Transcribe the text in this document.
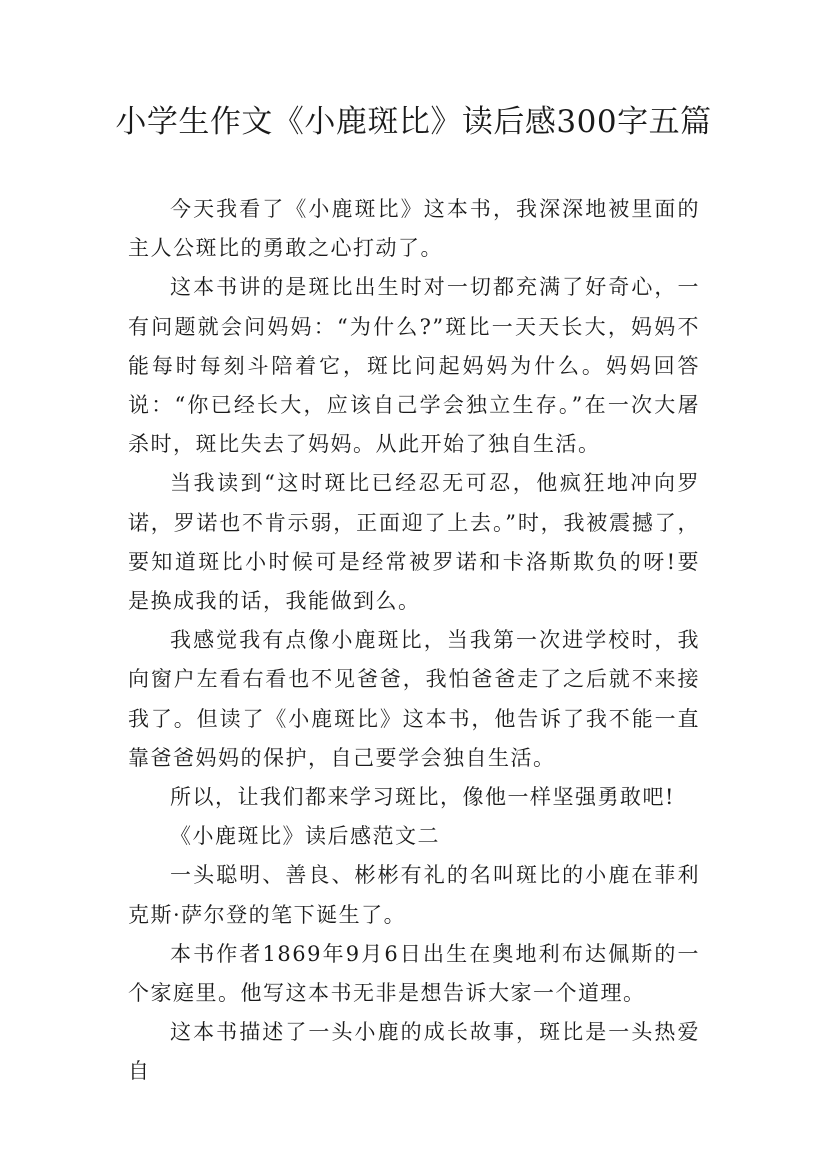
小学生作文《小鹿斑比》读后感300字五篇

今天我看了《小鹿斑比》这本书，我深深地被里面的主人公斑比的勇敢之心打动了。

这本书讲的是斑比出生时对一切都充满了好奇心，一有问题就会问妈妈：“为什么?”斑比一天天长大，妈妈不能每时每刻斗陪着它，斑比问起妈妈为什么。妈妈回答说：“你已经长大，应该自己学会独立生存。”在一次大屠杀时，斑比失去了妈妈。从此开始了独自生活。

当我读到“这时斑比已经忍无可忍，他疯狂地冲向罗诺，罗诺也不肯示弱，正面迎了上去。”时，我被震撼了，要知道斑比小时候可是经常被罗诺和卡洛斯欺负的呀!要是换成我的话，我能做到么。

我感觉我有点像小鹿斑比，当我第一次进学校时，我向窗户左看右看也不见爸爸，我怕爸爸走了之后就不来接我了。但读了《小鹿斑比》这本书，他告诉了我不能一直靠爸爸妈妈的保护，自己要学会独自生活。

所以，让我们都来学习斑比，像他一样坚强勇敢吧!

《小鹿斑比》读后感范文二

一头聪明、善良、彬彬有礼的名叫斑比的小鹿在菲利克斯·萨尔登的笔下诞生了。

本书作者1869年9月6日出生在奥地利布达佩斯的一个家庭里。他写这本书无非是想告诉大家一个道理。

这本书描述了一头小鹿的成长故事，斑比是一头热爱自
